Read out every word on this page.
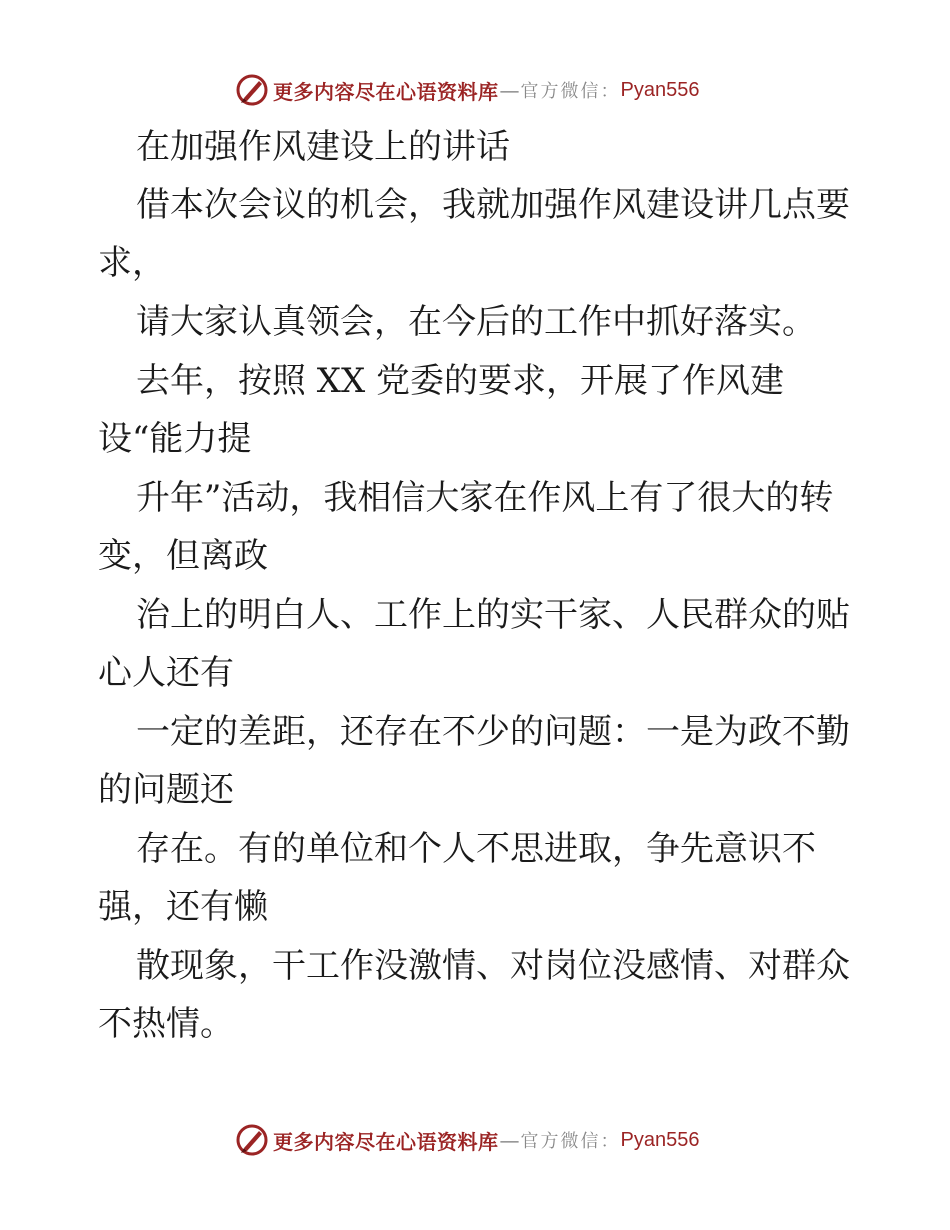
更多内容尽在心语资料库 — 官方微信： Pyan556
在加强作风建设上的讲话
借本次会议的机会，我就加强作风建设讲几点要
求，
请大家认真领会，在今后的工作中抓好落实。
去年，按照 XX 党委的要求，开展了作风建
设“能力提
升年”活动，我相信大家在作风上有了很大的转
变，但离政
治上的明白人、工作上的实干家、人民群众的贴
心人还有
一定的差距，还存在不少的问题：一是为政不勤
的问题还
存在。有的单位和个人不思进取，争先意识不
强，还有懒
散现象，干工作没激情、对岗位没感情、对群众
不热情。
更多内容尽在心语资料库 — 官方微信： Pyan556
